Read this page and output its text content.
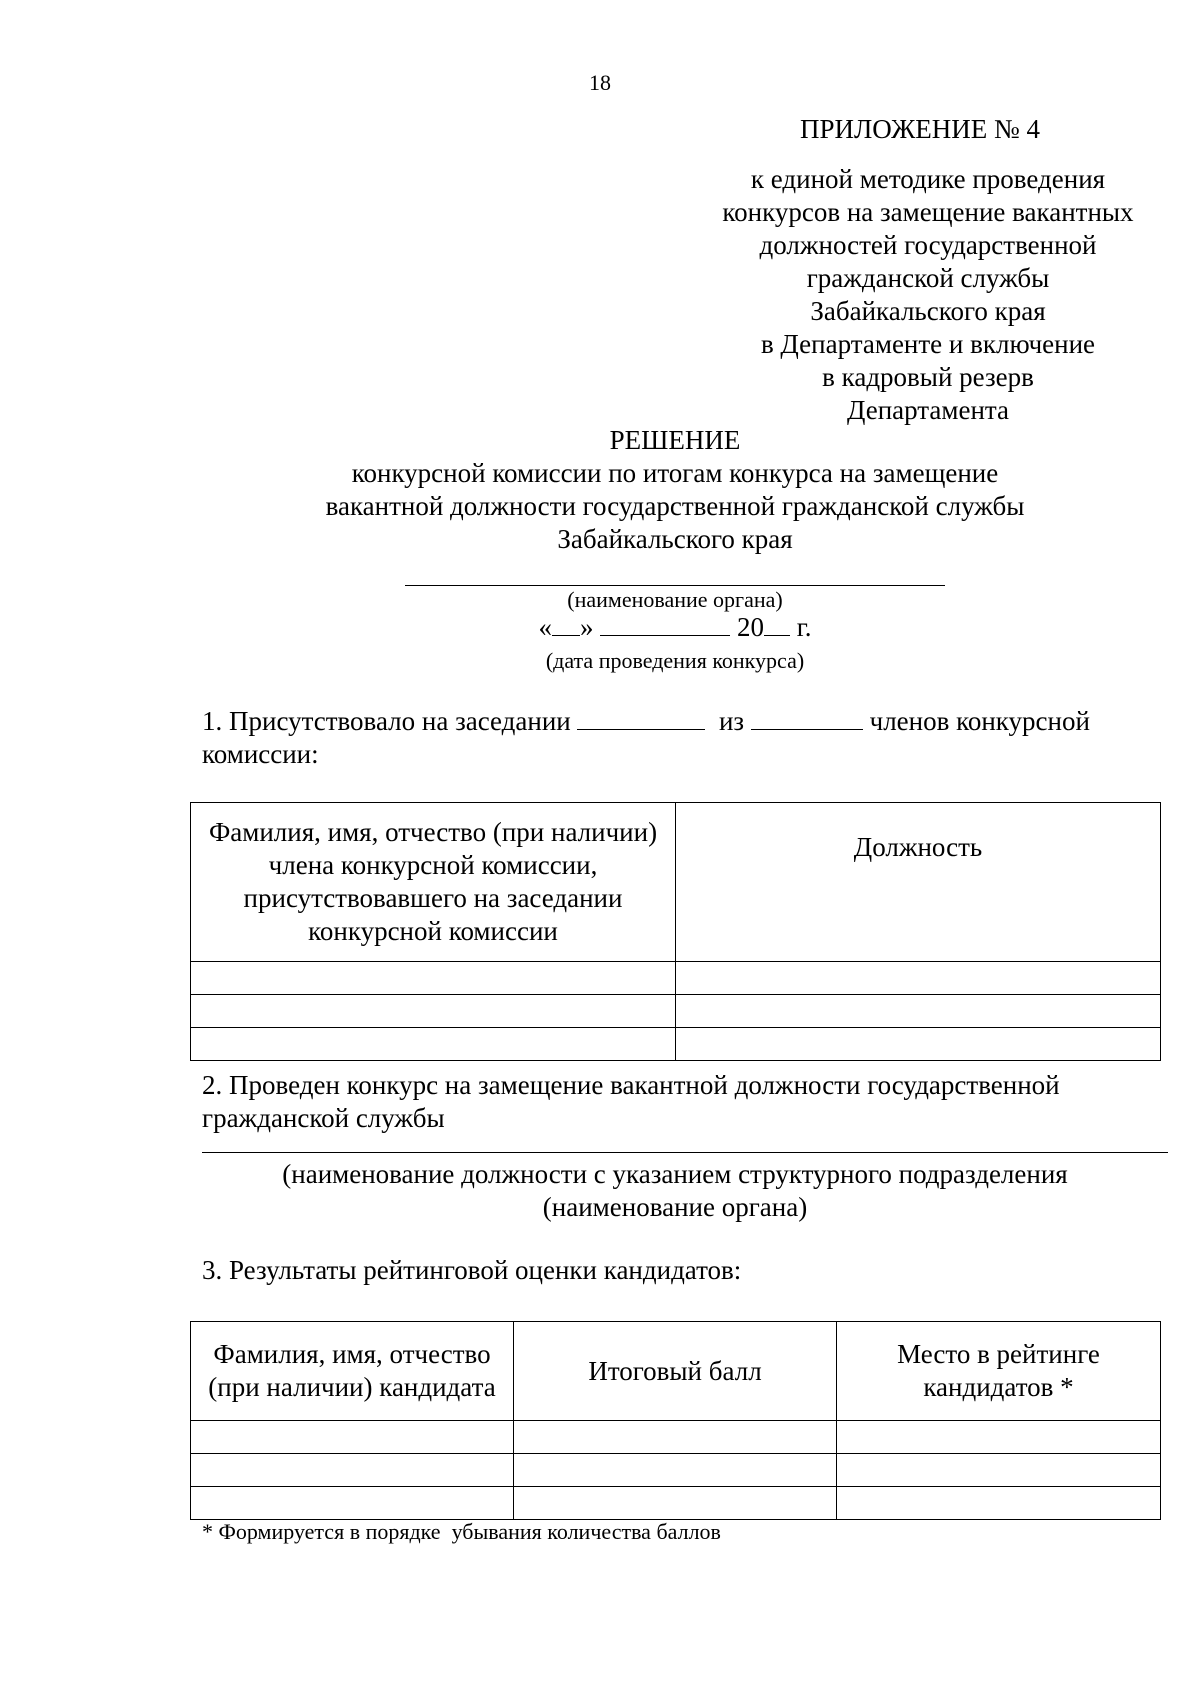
18
ПРИЛОЖЕНИЕ № 4
к единой методике проведения
конкурсов на замещение вакантных
должностей государственной
гражданской службы
Забайкальского края
в Департаменте и включение
в кадровый резерв
Департамента
РЕШЕНИЕ
конкурсной комиссии по итогам конкурса на замещение
вакантной должности государственной гражданской службы
Забайкальского края
(наименование органа)
« »	20 г.
(дата проведения конкурса)
1. Присутствовало на заседании	из	членов конкурсной
комиссии:
Фамилия, имя, отчество (при наличии) члена конкурсной комиссии, присутствовавшего на заседании конкурсной комиссии	Должность

2. Проведен конкурс на замещение вакантной должности государственной
гражданской службы
(наименование должности с указанием структурного подразделения
(наименование органа)
3. Результаты рейтинговой оценки кандидатов:
Фамилия, имя, отчество (при наличии) кандидата	Итоговый балл	Место в рейтинге кандидатов *

* Формируется в порядке  убывания количества баллов
